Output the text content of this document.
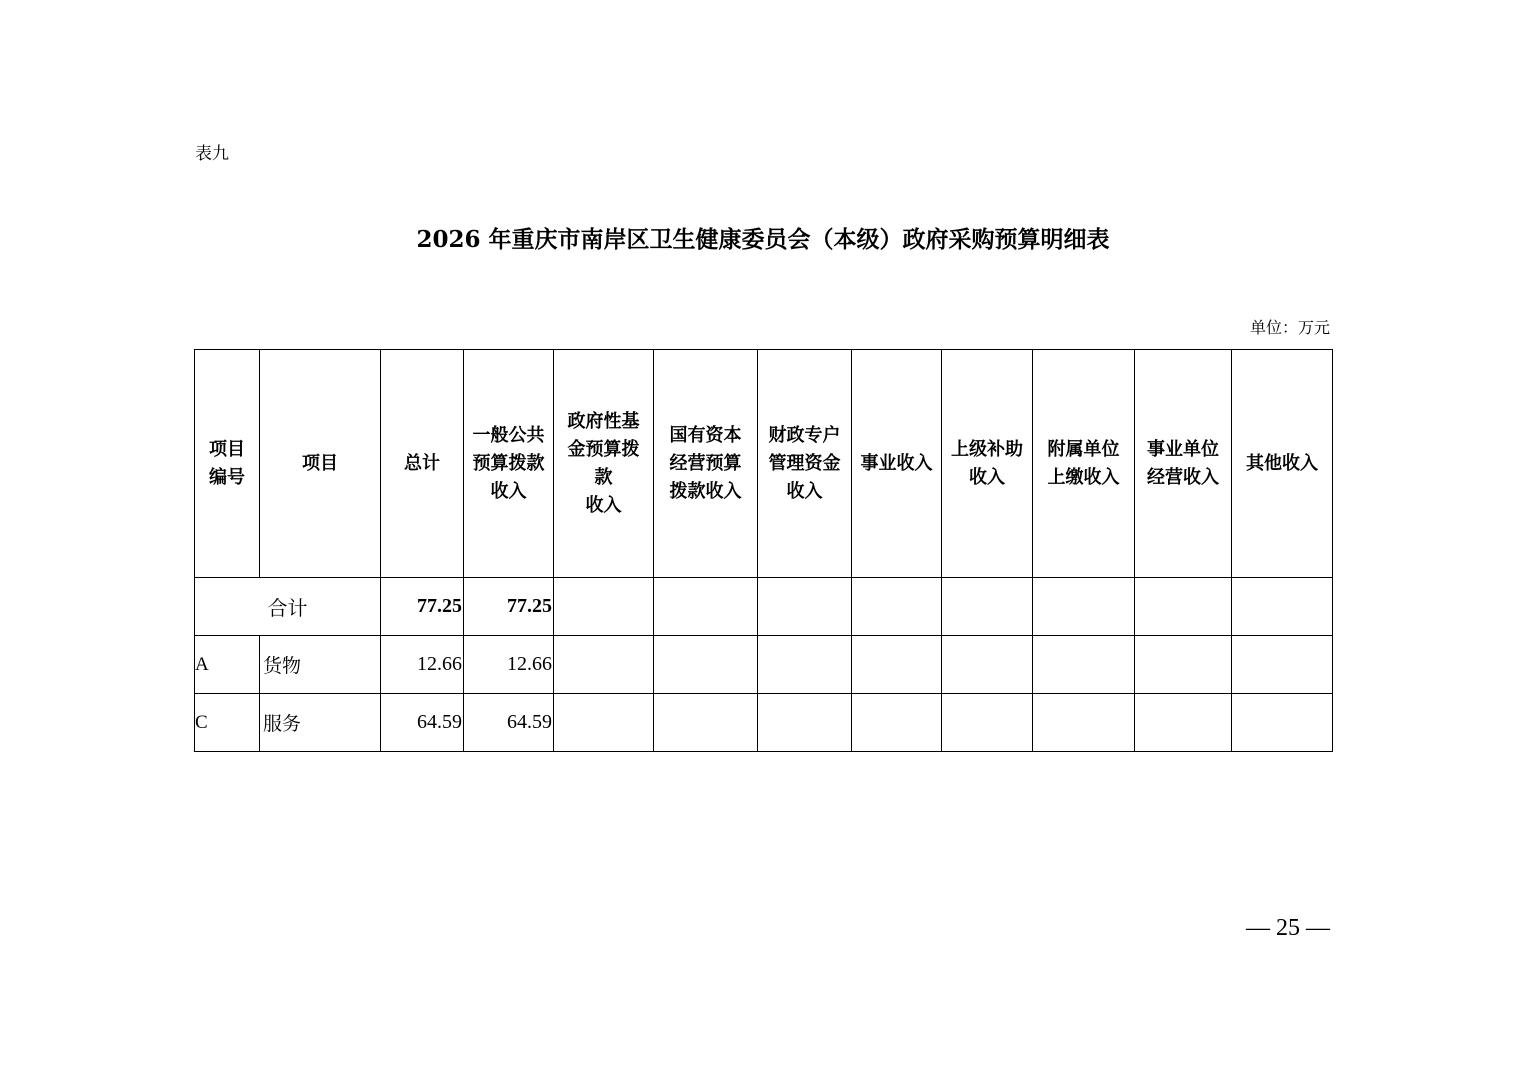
表九
2026 年重庆市南岸区卫生健康委员会（本级）政府采购预算明细表
单位：万元
项目
编号	项目	总计	一般公共
预算拨款
收入	政府性基
金预算拨
款
收入	国有资本
经营预算
拨款收入	财政专户
管理资金
收入	事业收入	上级补助
收入	附属单位
上缴收入	事业单位
经营收入	其他收入

合计		77.25	77.25								
A	货物	12.66	12.66								
C	服务	64.59	64.59								
— 25 —
